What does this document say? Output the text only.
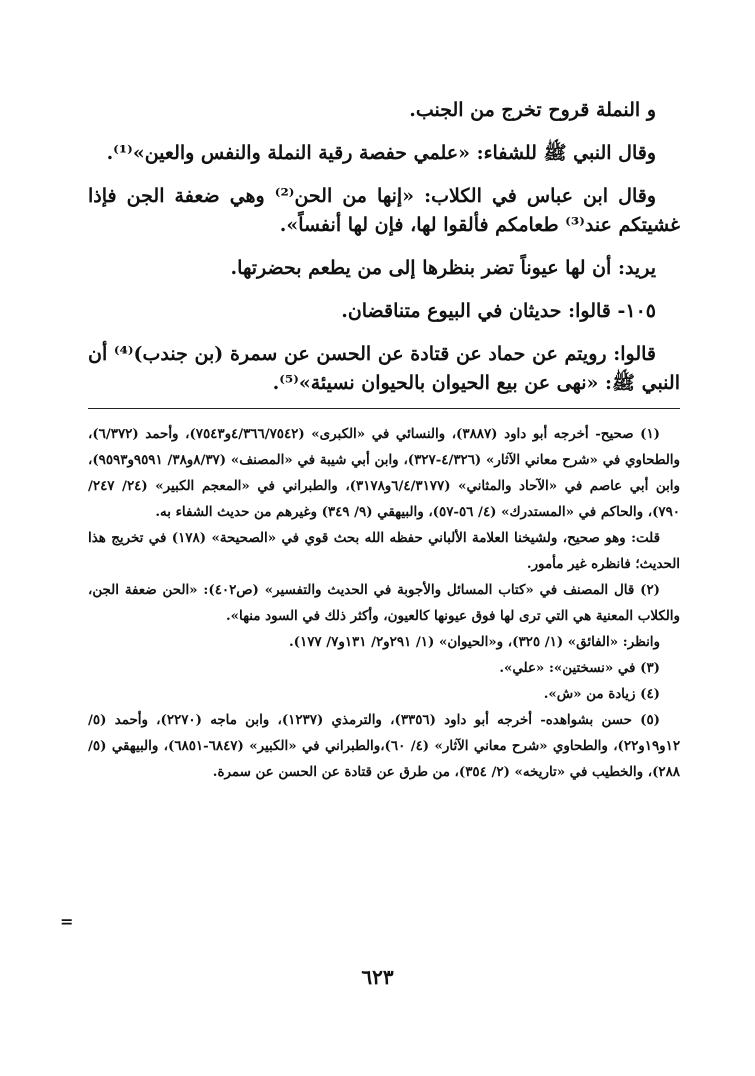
و النملة قروح تخرج من الجنب.

وقال النبي ﷺ للشفاء: «علمي حفصة رقية النملة والنفس والعين»⁽¹⁾.

وقال ابن عباس في الكلاب: «إنها من الحن⁽²⁾ وهي ضعفة الجن فإذا غشيتكم عند⁽³⁾ طعامكم فألقوا لها، فإن لها أنفساً».

يريد: أن لها عيوناً تضر بنظرها إلى من يطعم بحضرتها.

١٠٥- قالوا: حديثان في البيوع متناقضان.

قالوا: رويتم عن حماد عن قتادة عن الحسن عن سمرة (بن جندب)⁽⁴⁾ أن النبي ﷺ: «نهى عن بيع الحيوان بالحيوان نسيئة»⁽⁵⁾.

(١) صحيح- أخرجه أبو داود (٣٨٨٧)، والنسائي في «الكبرى» (٤/٣٦٦/٧٥٤٢و٧٥٤٣)، وأحمد (٦/٣٧٢)، والطحاوي في «شرح معاني الآثار» (٤/٣٢٦-٣٢٧)، وابن أبي شيبة في «المصنف» (٨/٣٧و٣٨/ ٩٥٩١و٩٥٩٣)، وابن أبي عاصم في «الآحاد والمثاني» (٦/٤/٣١٧٧و٣١٧٨)، والطبراني في «المعجم الكبير» (٢٤/ ٢٤٧/ ٧٩٠)، والحاكم في «المستدرك» (٤/ ٥٦-٥٧)، والبيهقي (٩/ ٣٤٩) وغيرهم من حديث الشفاء به.

قلت: وهو صحيح، ولشيخنا العلامة الألباني حفظه الله بحث قوي في «الصحيحة» (١٧٨) في تخريج هذا الحديث؛ فانظره غير مأمور.

(٢) قال المصنف في «كتاب المسائل والأجوبة في الحديث والتفسير» (ص٤٠٢): «الحن ضعفة الجن، والكلاب المعنية هي التي ترى لها فوق عيونها كالعيون، وأكثر ذلك في السود منها».

وانظر: «الفائق» (١/ ٣٢٥)، و«الحيوان» (١/ ٢٩١و٢/ ١٣١و٧/ ١٧٧).

(٣) في «نسختين»: «علي».

(٤) زيادة من «ش».

(٥) حسن بشواهده- أخرجه أبو داود (٣٣٥٦)، والترمذي (١٢٣٧)، وابن ماجه (٢٢٧٠)، وأحمد (٥/ ١٢و١٩و٢٢)، والطحاوي «شرح معاني الآثار» (٤/ ٦٠)،والطبراني في «الكبير» (٦٨٤٧-٦٨٥١)، والبيهقي (٥/ ٢٨٨)، والخطيب في «تاريخه» (٢/ ٣٥٤)، من طرق عن قتادة عن الحسن عن سمرة.

=
٦٢٣
